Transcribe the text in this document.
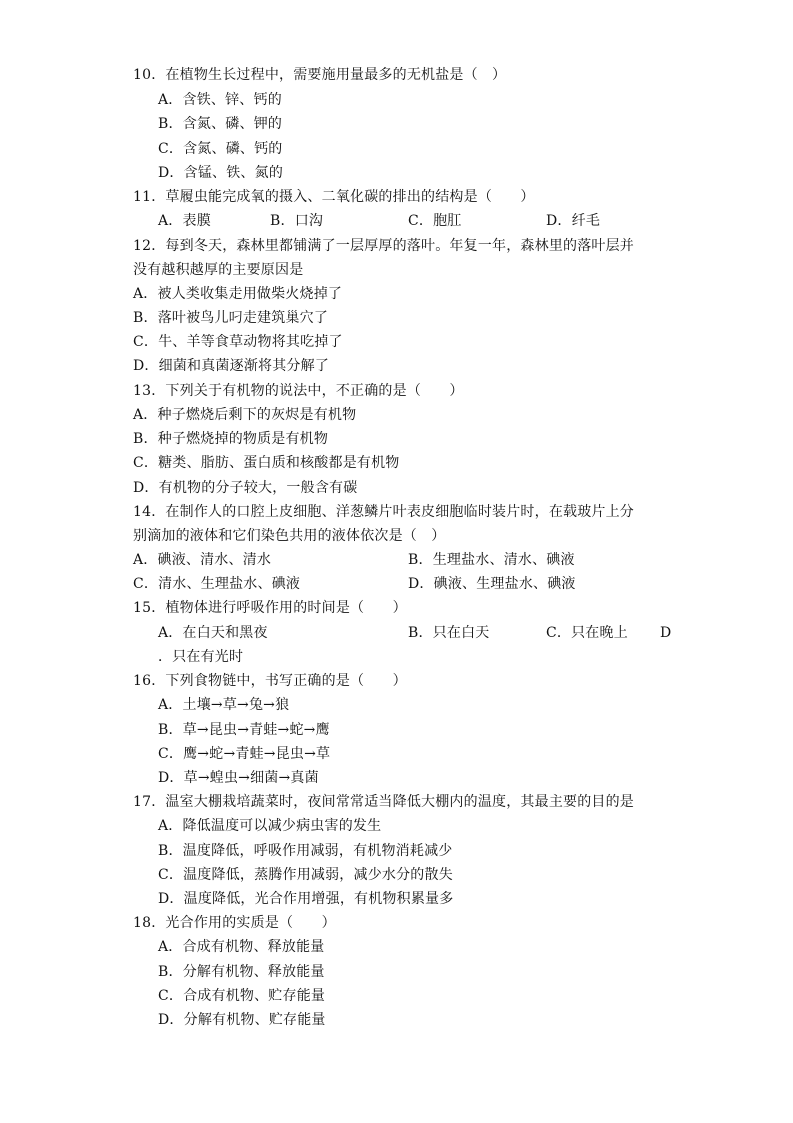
10．在植物生长过程中，需要施用量最多的无机盐是（　）
A．含铁、锌、钙的
B．含氮、磷、钾的
C．含氮、磷、钙的
D．含锰、铁、氮的
11．草履虫能完成氧的摄入、二氧化碳的排出的结构是（　　）
A．表膜	B．口沟	C．胞肛	D．纤毛
12．每到冬天，森林里都铺满了一层厚厚的落叶。年复一年，森林里的落叶层并
没有越积越厚的主要原因是
A．被人类收集走用做柴火烧掉了
B．落叶被鸟儿叼走建筑巢穴了
C．牛、羊等食草动物将其吃掉了
D．细菌和真菌逐渐将其分解了
13．下列关于有机物的说法中，不正确的是（　　）
A．种子燃烧后剩下的灰烬是有机物
B．种子燃烧掉的物质是有机物
C．糖类、脂肪、蛋白质和核酸都是有机物
D．有机物的分子较大，一般含有碳
14．在制作人的口腔上皮细胞、洋葱鳞片叶表皮细胞临时装片时，在载玻片上分
别滴加的液体和它们染色共用的液体依次是（　）
A．碘液、清水、清水	B．生理盐水、清水、碘液
C．清水、生理盐水、碘液	D．碘液、生理盐水、碘液
15．植物体进行呼吸作用的时间是（　　）
A．在白天和黑夜	B．只在白天	C．只在晚上 D
．只在有光时
16．下列食物链中，书写正确的是（　　）
A．土壤→草→兔→狼
B．草→昆虫→青蛙→蛇→鹰
C．鹰→蛇→青蛙→昆虫→草
D．草→蝗虫→细菌→真菌
17．温室大棚栽培蔬菜时，夜间常常适当降低大棚内的温度，其最主要的目的是
A．降低温度可以减少病虫害的发生
B．温度降低，呼吸作用减弱，有机物消耗减少
C．温度降低，蒸腾作用减弱，减少水分的散失
D．温度降低，光合作用增强，有机物积累量多
18．光合作用的实质是（　　）
A．合成有机物、释放能量
B．分解有机物、释放能量
C．合成有机物、贮存能量
D．分解有机物、贮存能量
